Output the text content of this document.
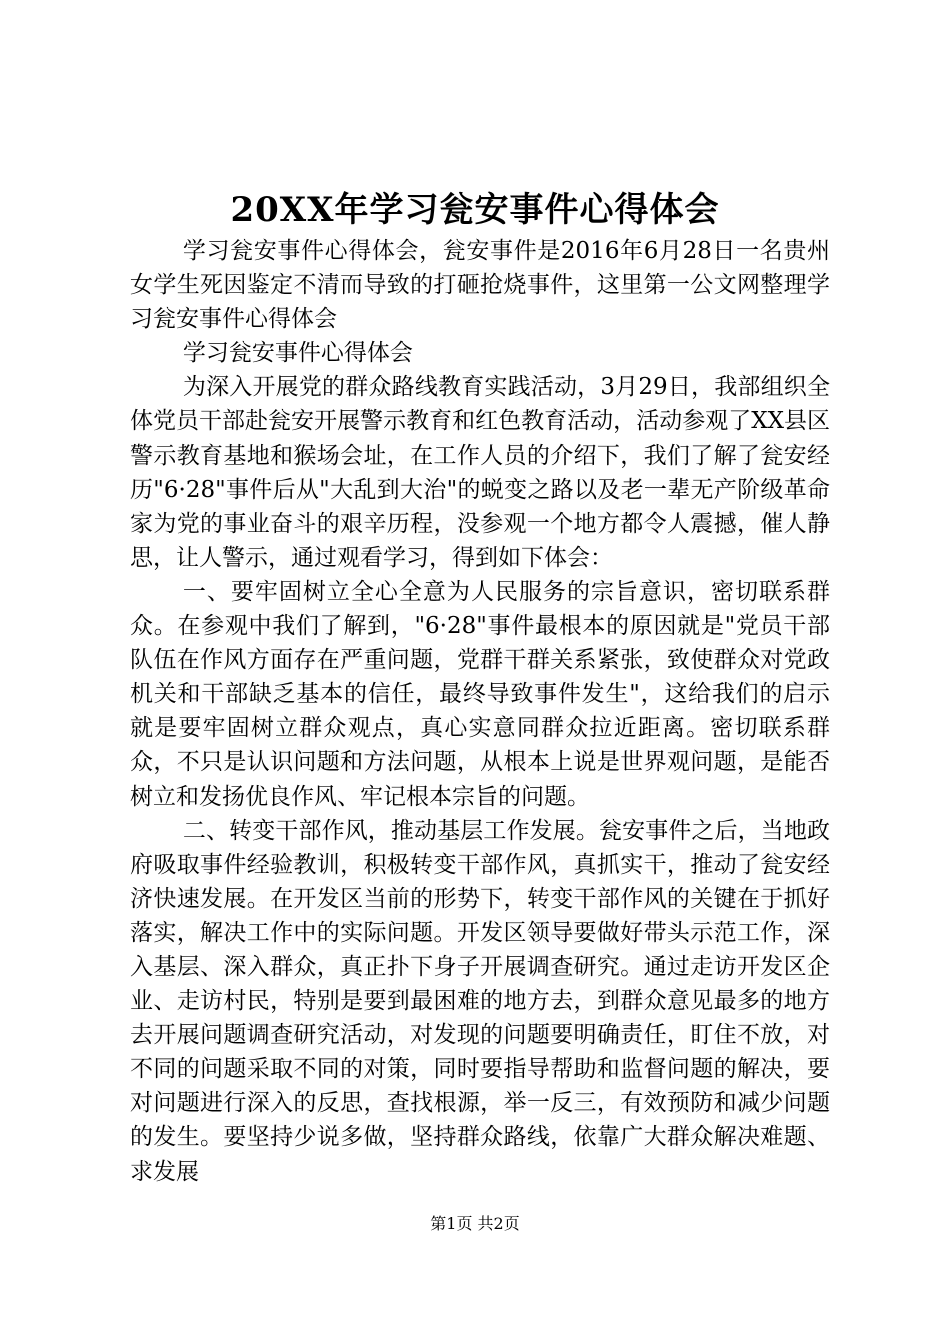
20XX年学习瓮安事件心得体会

学习瓮安事件心得体会，瓮安事件是2016年6月28日一名贵州女学生死因鉴定不清而导致的打砸抢烧事件，这里第一公文网整理学习瓮安事件心得体会

学习瓮安事件心得体会

为深入开展党的群众路线教育实践活动，3月29日，我部组织全体党员干部赴瓮安开展警示教育和红色教育活动，活动参观了XX县区警示教育基地和猴场会址，在工作人员的介绍下，我们了解了瓮安经历"6·28"事件后从"大乱到大治"的蜕变之路以及老一辈无产阶级革命家为党的事业奋斗的艰辛历程，没参观一个地方都令人震撼，催人静思，让人警示，通过观看学习，得到如下体会：

一、要牢固树立全心全意为人民服务的宗旨意识，密切联系群众。在参观中我们了解到，"6·28"事件最根本的原因就是"党员干部队伍在作风方面存在严重问题，党群干群关系紧张，致使群众对党政机关和干部缺乏基本的信任，最终导致事件发生"，这给我们的启示就是要牢固树立群众观点，真心实意同群众拉近距离。密切联系群众，不只是认识问题和方法问题，从根本上说是世界观问题，是能否树立和发扬优良作风、牢记根本宗旨的问题。

二、转变干部作风，推动基层工作发展。瓮安事件之后，当地政府吸取事件经验教训，积极转变干部作风，真抓实干，推动了瓮安经济快速发展。在开发区当前的形势下，转变干部作风的关键在于抓好落实，解决工作中的实际问题。开发区领导要做好带头示范工作，深入基层、深入群众，真正扑下身子开展调查研究。通过走访开发区企业、走访村民，特别是要到最困难的地方去，到群众意见最多的地方去开展问题调查研究活动，对发现的问题要明确责任，盯住不放，对不同的问题采取不同的对策，同时要指导帮助和监督问题的解决，要对问题进行深入的反思，查找根源，举一反三，有效预防和减少问题的发生。要坚持少说多做，坚持群众路线，依靠广大群众解决难题、求发展

第1页 共2页
